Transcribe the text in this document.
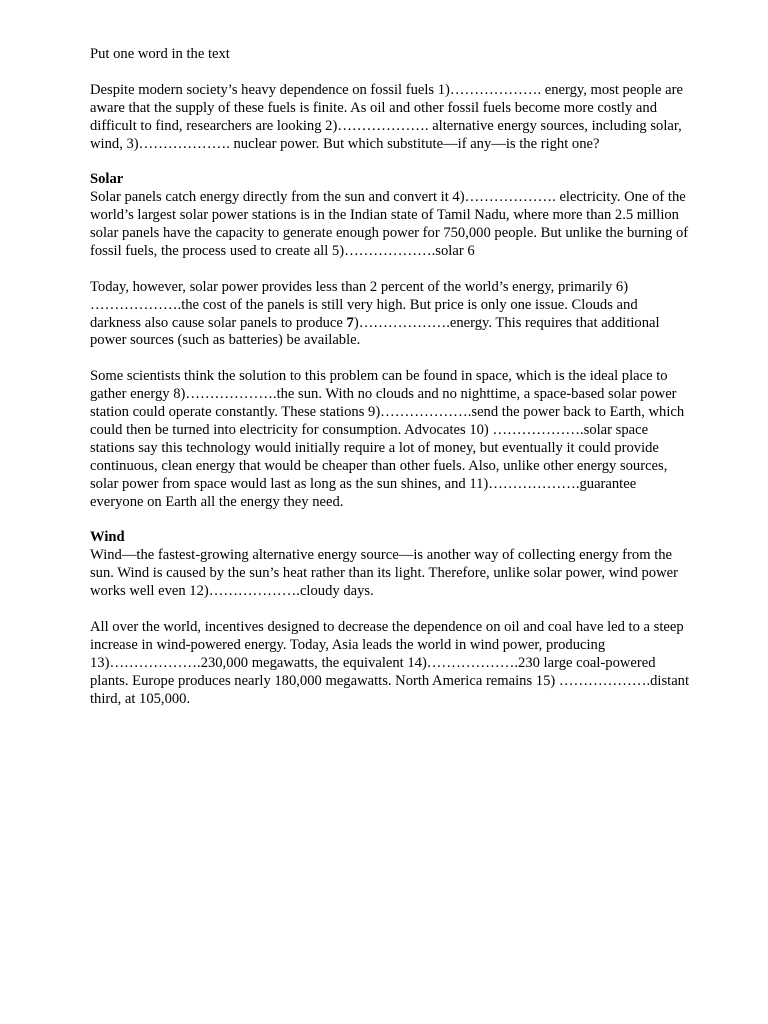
Put one word in the text

Despite modern society’s heavy dependence on fossil fuels 1)………………. energy, most people are aware that the supply of these fuels is finite. As oil and other fossil fuels become more costly and difficult to find, researchers are looking 2)………………. alternative energy sources, including solar, wind, 3)………………. nuclear power. But which substitute—if any—is the right one?

Solar

Solar panels catch energy directly from the sun and convert it 4)………………. electricity. One of the world’s largest solar power stations is in the Indian state of Tamil Nadu, where more than 2.5 million solar panels have the capacity to generate enough power for 750,000 people. But unlike the burning of fossil fuels, the process used to create all 5)……………….solar 6

Today, however, solar power provides less than 2 percent of the world’s energy, primarily 6) ……………….the cost of the panels is still very high. But price is only one issue. Clouds and darkness also cause solar panels to produce 7)……………….energy. This requires that additional power sources (such as batteries) be available.

Some scientists think the solution to this problem can be found in space, which is the ideal place to gather energy 8)……………….the sun. With no clouds and no nighttime, a space-based solar power station could operate constantly. These stations 9)……………….send the power back to Earth, which could then be turned into electricity for consumption. Advocates 10) ……………….solar space stations say this technology would initially require a lot of money, but eventually it could provide continuous, clean energy that would be cheaper than other fuels. Also, unlike other energy sources, solar power from space would last as long as the sun shines, and 11)……………….guarantee everyone on Earth all the energy they need.

Wind

Wind—the fastest-growing alternative energy source—is another way of collecting energy from the sun. Wind is caused by the sun’s heat rather than its light. Therefore, unlike solar power, wind power works well even 12)……………….cloudy days.

All over the world, incentives designed to decrease the dependence on oil and coal have led to a steep increase in wind-powered energy. Today, Asia leads the world in wind power, producing 13)……………….230,000 megawatts, the equivalent 14)……………….230 large coal-powered plants. Europe produces nearly 180,000 megawatts. North America remains 15) ……………….distant third, at 105,000.
